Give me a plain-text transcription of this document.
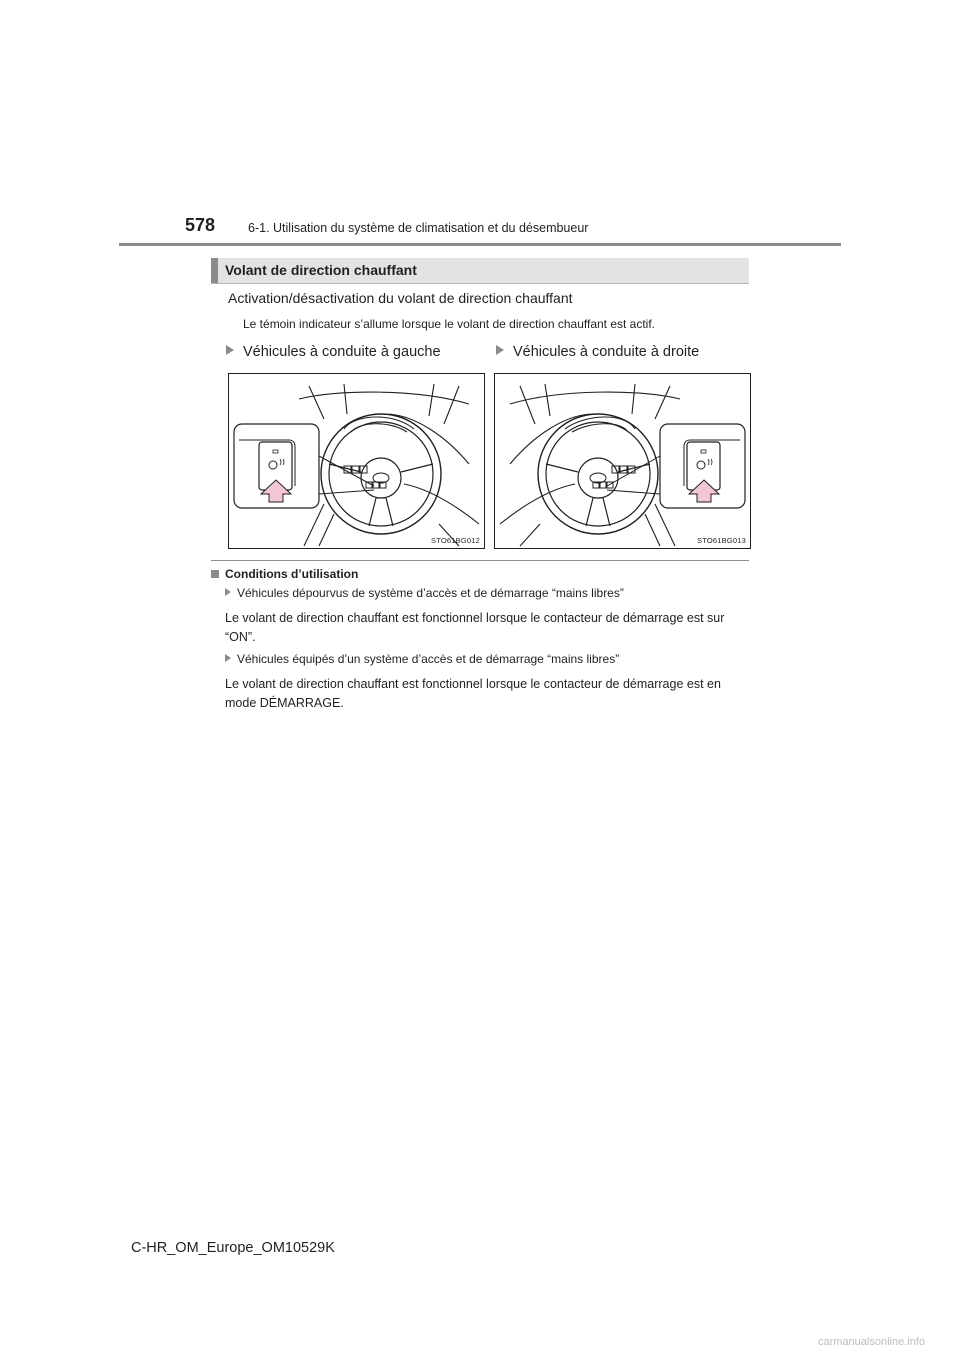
578	6-1. Utilisation du système de climatisation et du désembueur
Volant de direction chauffant
Activation/désactivation du volant de direction chauffant
Le témoin indicateur s’allume lorsque le volant de direction chauffant est actif.
Véhicules à conduite à gauche	Véhicules à conduite à droite
STO61BG012	STO61BG013
Conditions d’utilisation
Véhicules dépourvus de système d’accès et de démarrage “mains libres”
Le volant de direction chauffant est fonctionnel lorsque le contacteur de démarrage est sur “ON”.
Véhicules équipés d’un système d’accès et de démarrage “mains libres”
Le volant de direction chauffant est fonctionnel lorsque le contacteur de démarrage est en mode DÉMARRAGE.
C-HR_OM_Europe_OM10529K
carmanualsonline.info
